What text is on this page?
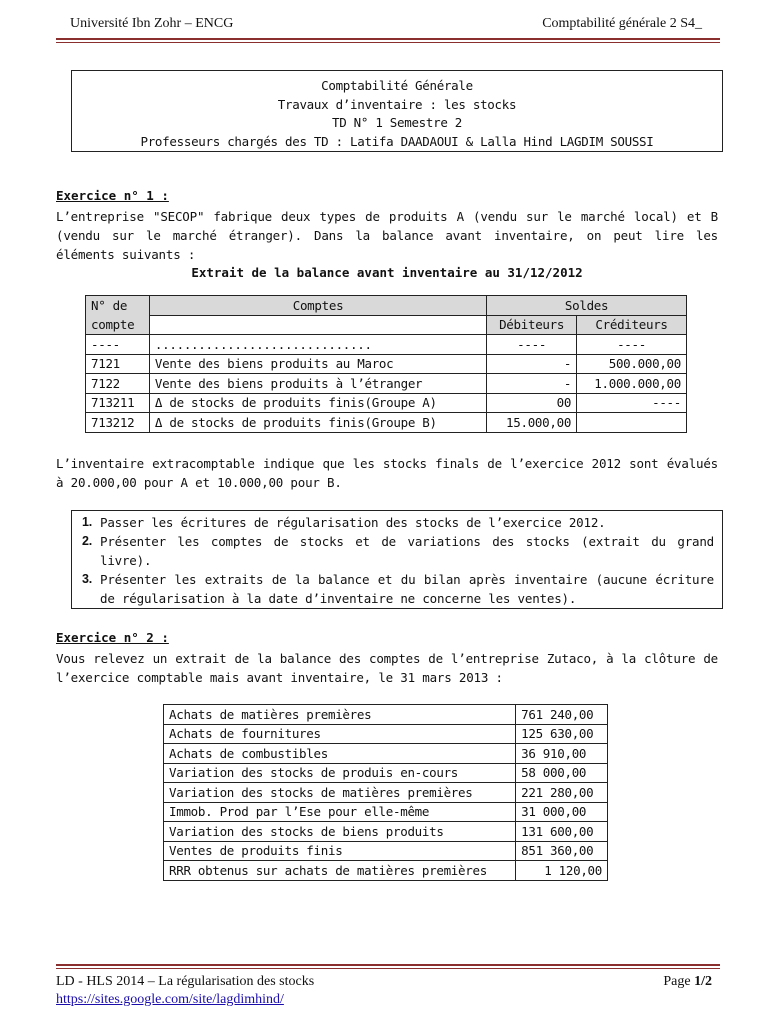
Université Ibn Zohr – ENCG	Comptabilité générale 2 S4_
Comptabilité Générale
Travaux d’inventaire : les stocks
TD N° 1 Semestre 2
Professeurs chargés des TD : Latifa DAADAOUI & Lalla Hind LAGDIM SOUSSI
Exercice n° 1 :
L’entreprise "SECOP" fabrique deux types de produits A (vendu sur le marché local) et B (vendu sur le marché étranger). Dans la balance avant inventaire, on peut lire les éléments suivants :
Extrait de la balance avant inventaire au 31/12/2012
N° de compte	Comptes	Soldes	
		Débiteurs	Créditeurs
----	..............................	----	----
7121	Vente des biens produits au Maroc	-	500.000,00
7122	Vente des biens produits à l’étranger	-	1.000.000,00
713211	Δ de stocks de produits finis(Groupe A)	00	----
713212	Δ de stocks de produits finis(Groupe B)	15.000,00	
L’inventaire extracomptable indique que les stocks finals de l’exercice 2012 sont évalués à 20.000,00 pour A et 10.000,00 pour B.
1. Passer les écritures de régularisation des stocks de l’exercice 2012.
2. Présenter les comptes de stocks et de variations des stocks (extrait du grand livre).
3. Présenter les extraits de la balance et du bilan après inventaire (aucune écriture de régularisation à la date d’inventaire ne concerne les ventes).
Exercice n° 2 :
Vous relevez un extrait de la balance des comptes de l’entreprise Zutaco, à la clôture de l’exercice comptable mais avant inventaire, le 31 mars 2013 :
Achats de matières premières	761 240,00
Achats de fournitures	125 630,00
Achats de combustibles	36 910,00
Variation des stocks de produis en-cours	58 000,00
Variation des stocks de matières premières	221 280,00
Immob. Prod par l’Ese pour elle-même	31 000,00
Variation des stocks de biens produits	131 600,00
Ventes de produits finis	851 360,00
RRR obtenus sur achats de matières premières	1 120,00
LD - HLS 2014 – La régularisation des stocks	Page 1/2
https://sites.google.com/site/lagdimhind/
